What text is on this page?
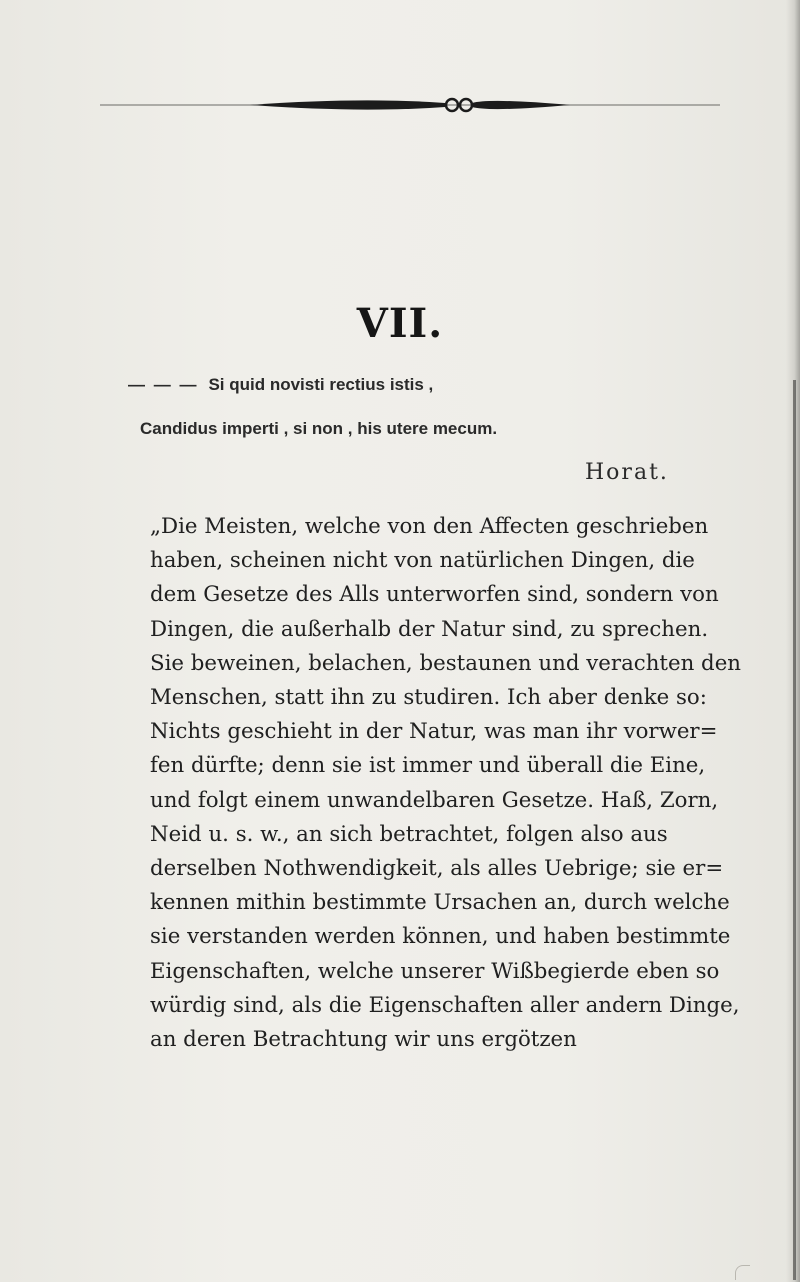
VII.
— — — Si quid novisti rectius istis ,
Candidus imperti , si non , his utere mecum.
Horat.
„Die Meisten, welche von den Affecten geschrieben
haben, scheinen nicht von natürlichen Dingen, die
dem Gesetze des Alls unterworfen sind, sondern von
Dingen, die außerhalb der Natur sind, zu sprechen.
Sie beweinen, belachen, bestaunen und verachten den
Menschen, statt ihn zu studiren. Ich aber denke so:
Nichts geschieht in der Natur, was man ihr vorwer=
fen dürfte; denn sie ist immer und überall die Eine,
und folgt einem unwandelbaren Gesetze. Haß, Zorn,
Neid u. s. w., an sich betrachtet, folgen also aus
derselben Nothwendigkeit, als alles Uebrige; sie er=
kennen mithin bestimmte Ursachen an, durch welche
sie verstanden werden können, und haben bestimmte
Eigenschaften, welche unserer Wißbegierde eben so
würdig sind, als die Eigenschaften aller andern Dinge,
an deren Betrachtung wir uns ergötzen
